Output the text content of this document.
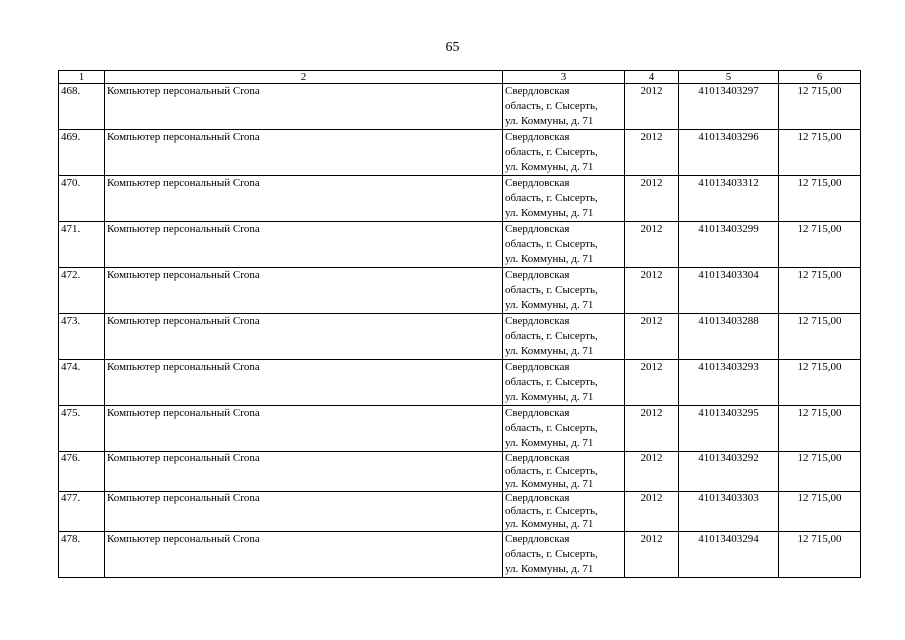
65
1	2	3	4	5	6
468.	Компьютер персональный Crona	Свердловская
область, г. Сысерть,
ул. Коммуны, д. 71	2012	41013403297	12 715,00
469.	Компьютер персональный Crona	Свердловская
область, г. Сысерть,
ул. Коммуны, д. 71	2012	41013403296	12 715,00
470.	Компьютер персональный Crona	Свердловская
область, г. Сысерть,
ул. Коммуны, д. 71	2012	41013403312	12 715,00
471.	Компьютер персональный Crona	Свердловская
область, г. Сысерть,
ул. Коммуны, д. 71	2012	41013403299	12 715,00
472.	Компьютер персональный Crona	Свердловская
область, г. Сысерть,
ул. Коммуны, д. 71	2012	41013403304	12 715,00
473.	Компьютер персональный Crona	Свердловская
область, г. Сысерть,
ул. Коммуны, д. 71	2012	41013403288	12 715,00
474.	Компьютер персональный Crona	Свердловская
область, г. Сысерть,
ул. Коммуны, д. 71	2012	41013403293	12 715,00
475.	Компьютер персональный Crona	Свердловская
область, г. Сысерть,
ул. Коммуны, д. 71	2012	41013403295	12 715,00
476.	Компьютер персональный Crona	Свердловская
область, г. Сысерть,
ул. Коммуны, д. 71	2012	41013403292	12 715,00
477.	Компьютер персональный Crona	Свердловская
область, г. Сысерть,
ул. Коммуны, д. 71	2012	41013403303	12 715,00
478.	Компьютер персональный Crona	Свердловская
область, г. Сысерть,
ул. Коммуны, д. 71	2012	41013403294	12 715,00
